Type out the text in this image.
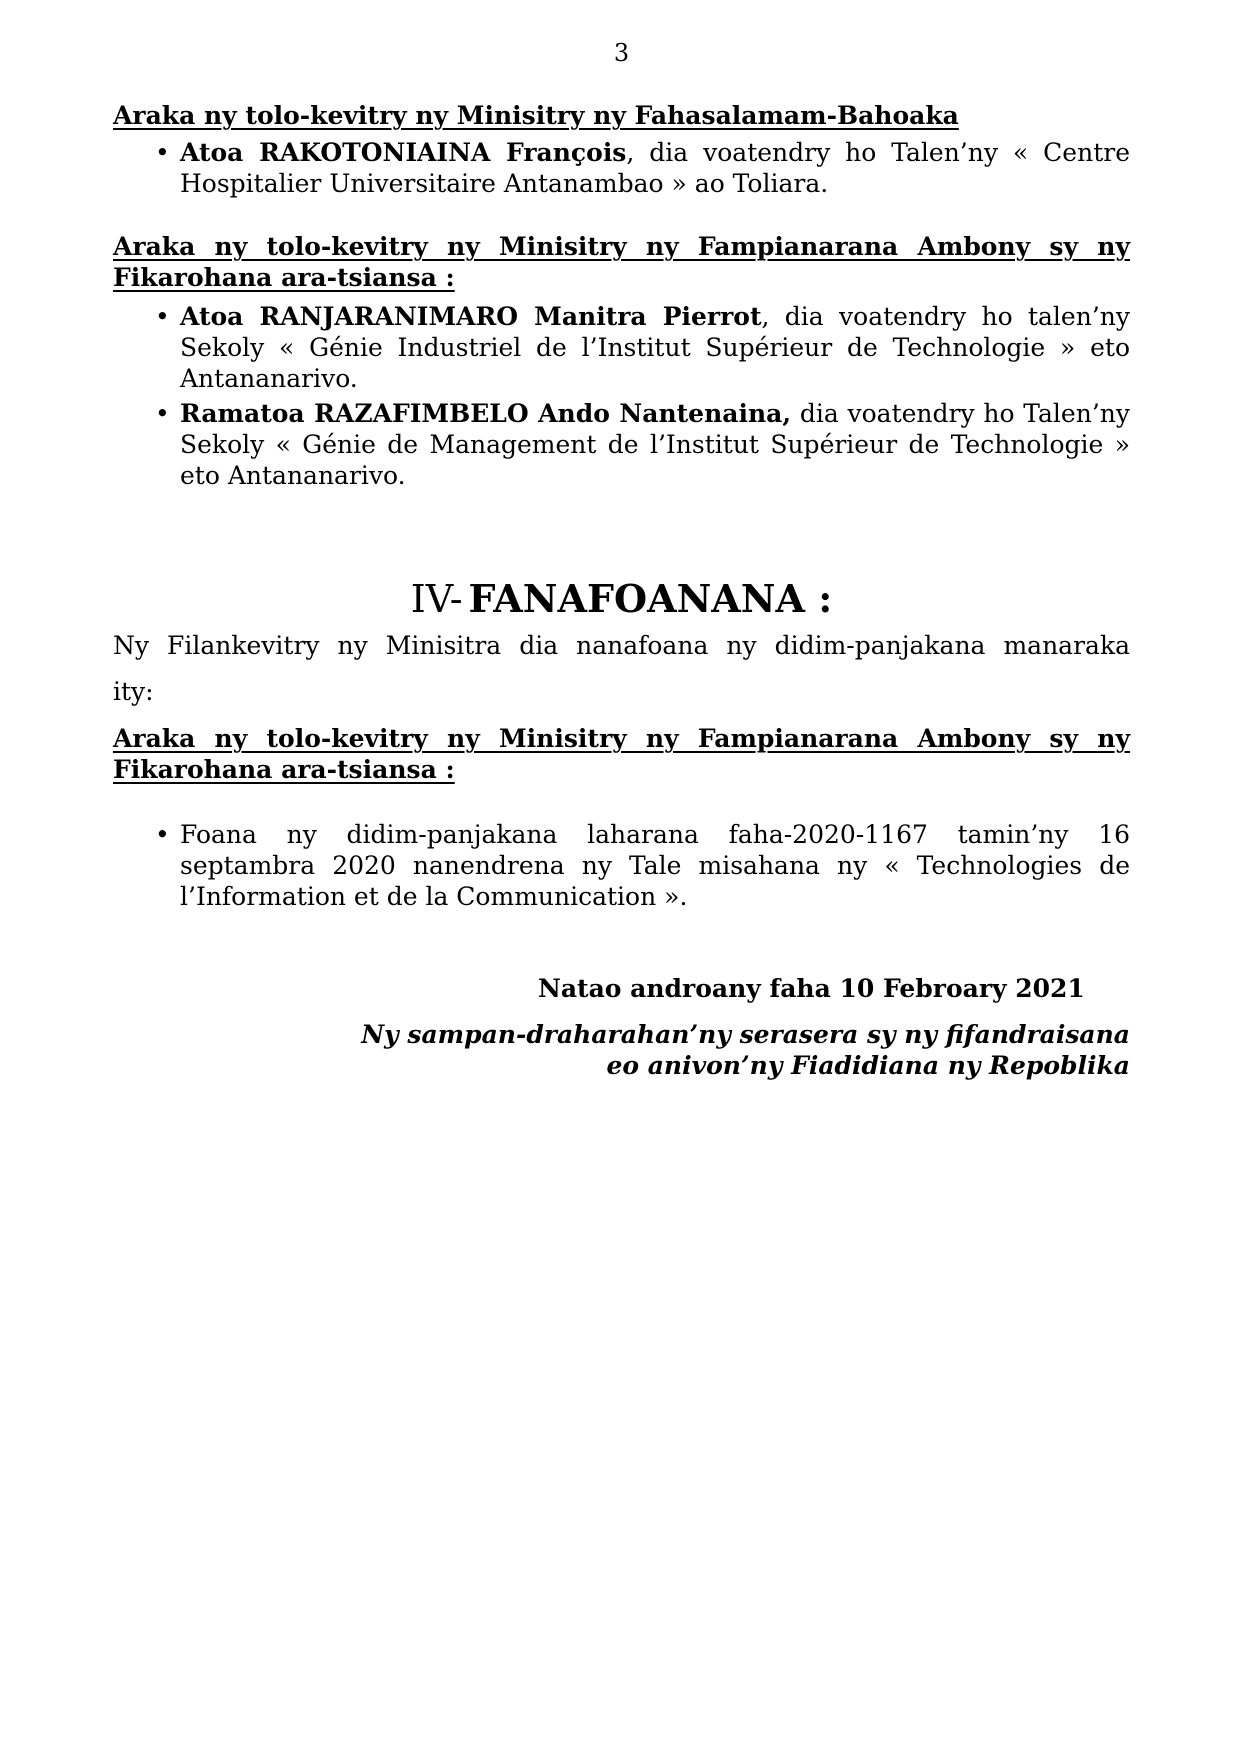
3
Araka ny tolo-kevitry ny Minisitry ny Fahasalamam-Bahoaka
• Atoa RAKOTONIAINA François, dia voatendry ho Talen’ny « Centre Hospitalier Universitaire Antanambao » ao Toliara.

Araka ny tolo-kevitry ny Minisitry ny Fampianarana Ambony sy ny
Fikarohana ara-tsiansa :
• Atoa RANJARANIMARO Manitra Pierrot, dia voatendry ho talen’ny Sekoly « Génie Industriel de l’Institut Supérieur de Technologie » eto Antananarivo.

• Ramatoa RAZAFIMBELO Ando Nantenaina, dia voatendry ho Talen’ny Sekoly « Génie de Management de l’Institut Supérieur de Technologie » eto Antananarivo.

IV- FANAFOANANA :

Ny Filankevitry ny Minisitra dia nanafoana ny didim-panjakana manaraka
ity:

Araka ny tolo-kevitry ny Minisitry ny Fampianarana Ambony sy ny
Fikarohana ara-tsiansa :
• Foana ny didim-panjakana laharana faha-2020-1167 tamin’ny 16 septambra 2020 nanendrena ny Tale misahana ny « Technologies de l’Information et de la Communication ».

Natao androany faha 10 Febroary 2021

Ny sampan-draharahan’ny serasera sy ny fifandraisana
eo anivon’ny Fiadidiana ny Repoblika
